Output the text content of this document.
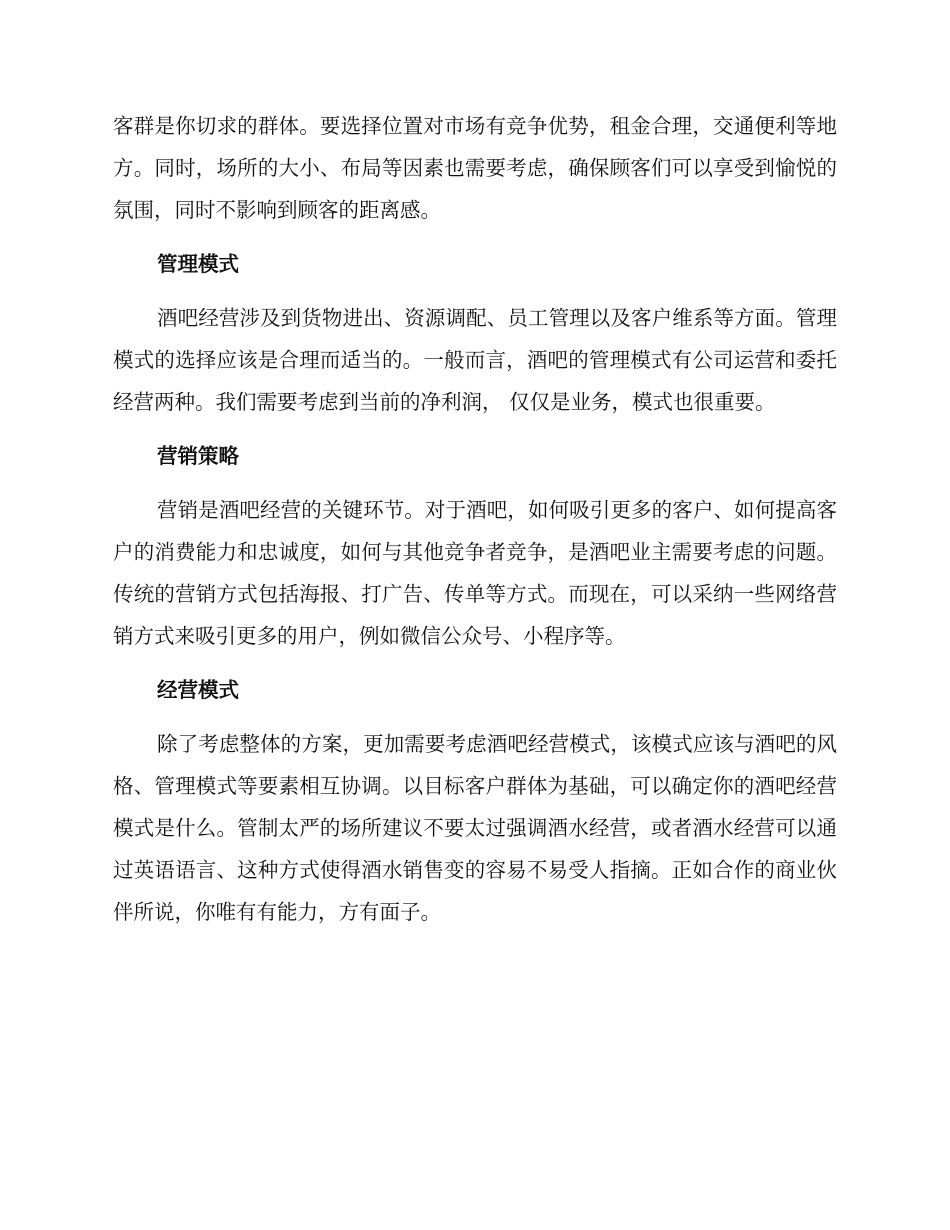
客群是你切求的群体。要选择位置对市场有竞争优势，租金合理，交通便利等地方。同时，场所的大小、布局等因素也需要考虑，确保顾客们可以享受到愉悦的氛围，同时不影响到顾客的距离感。

管理模式

酒吧经营涉及到货物进出、资源调配、员工管理以及客户维系等方面。管理模式的选择应该是合理而适当的。一般而言，酒吧的管理模式有公司运营和委托经营两种。我们需要考虑到当前的净利润， 仅仅是业务，模式也很重要。

营销策略

营销是酒吧经营的关键环节。对于酒吧，如何吸引更多的客户、如何提高客户的消费能力和忠诚度，如何与其他竞争者竞争，是酒吧业主需要考虑的问题。传统的营销方式包括海报、打广告、传单等方式。而现在，可以采纳一些网络营销方式来吸引更多的用户，例如微信公众号、小程序等。

经营模式

除了考虑整体的方案，更加需要考虑酒吧经营模式，该模式应该与酒吧的风格、管理模式等要素相互协调。以目标客户群体为基础，可以确定你的酒吧经营模式是什么。管制太严的场所建议不要太过强调酒水经营，或者酒水经营可以通过英语语言、这种方式使得酒水销售变的容易不易受人指摘。正如合作的商业伙伴所说，你唯有有能力，方有面子。
